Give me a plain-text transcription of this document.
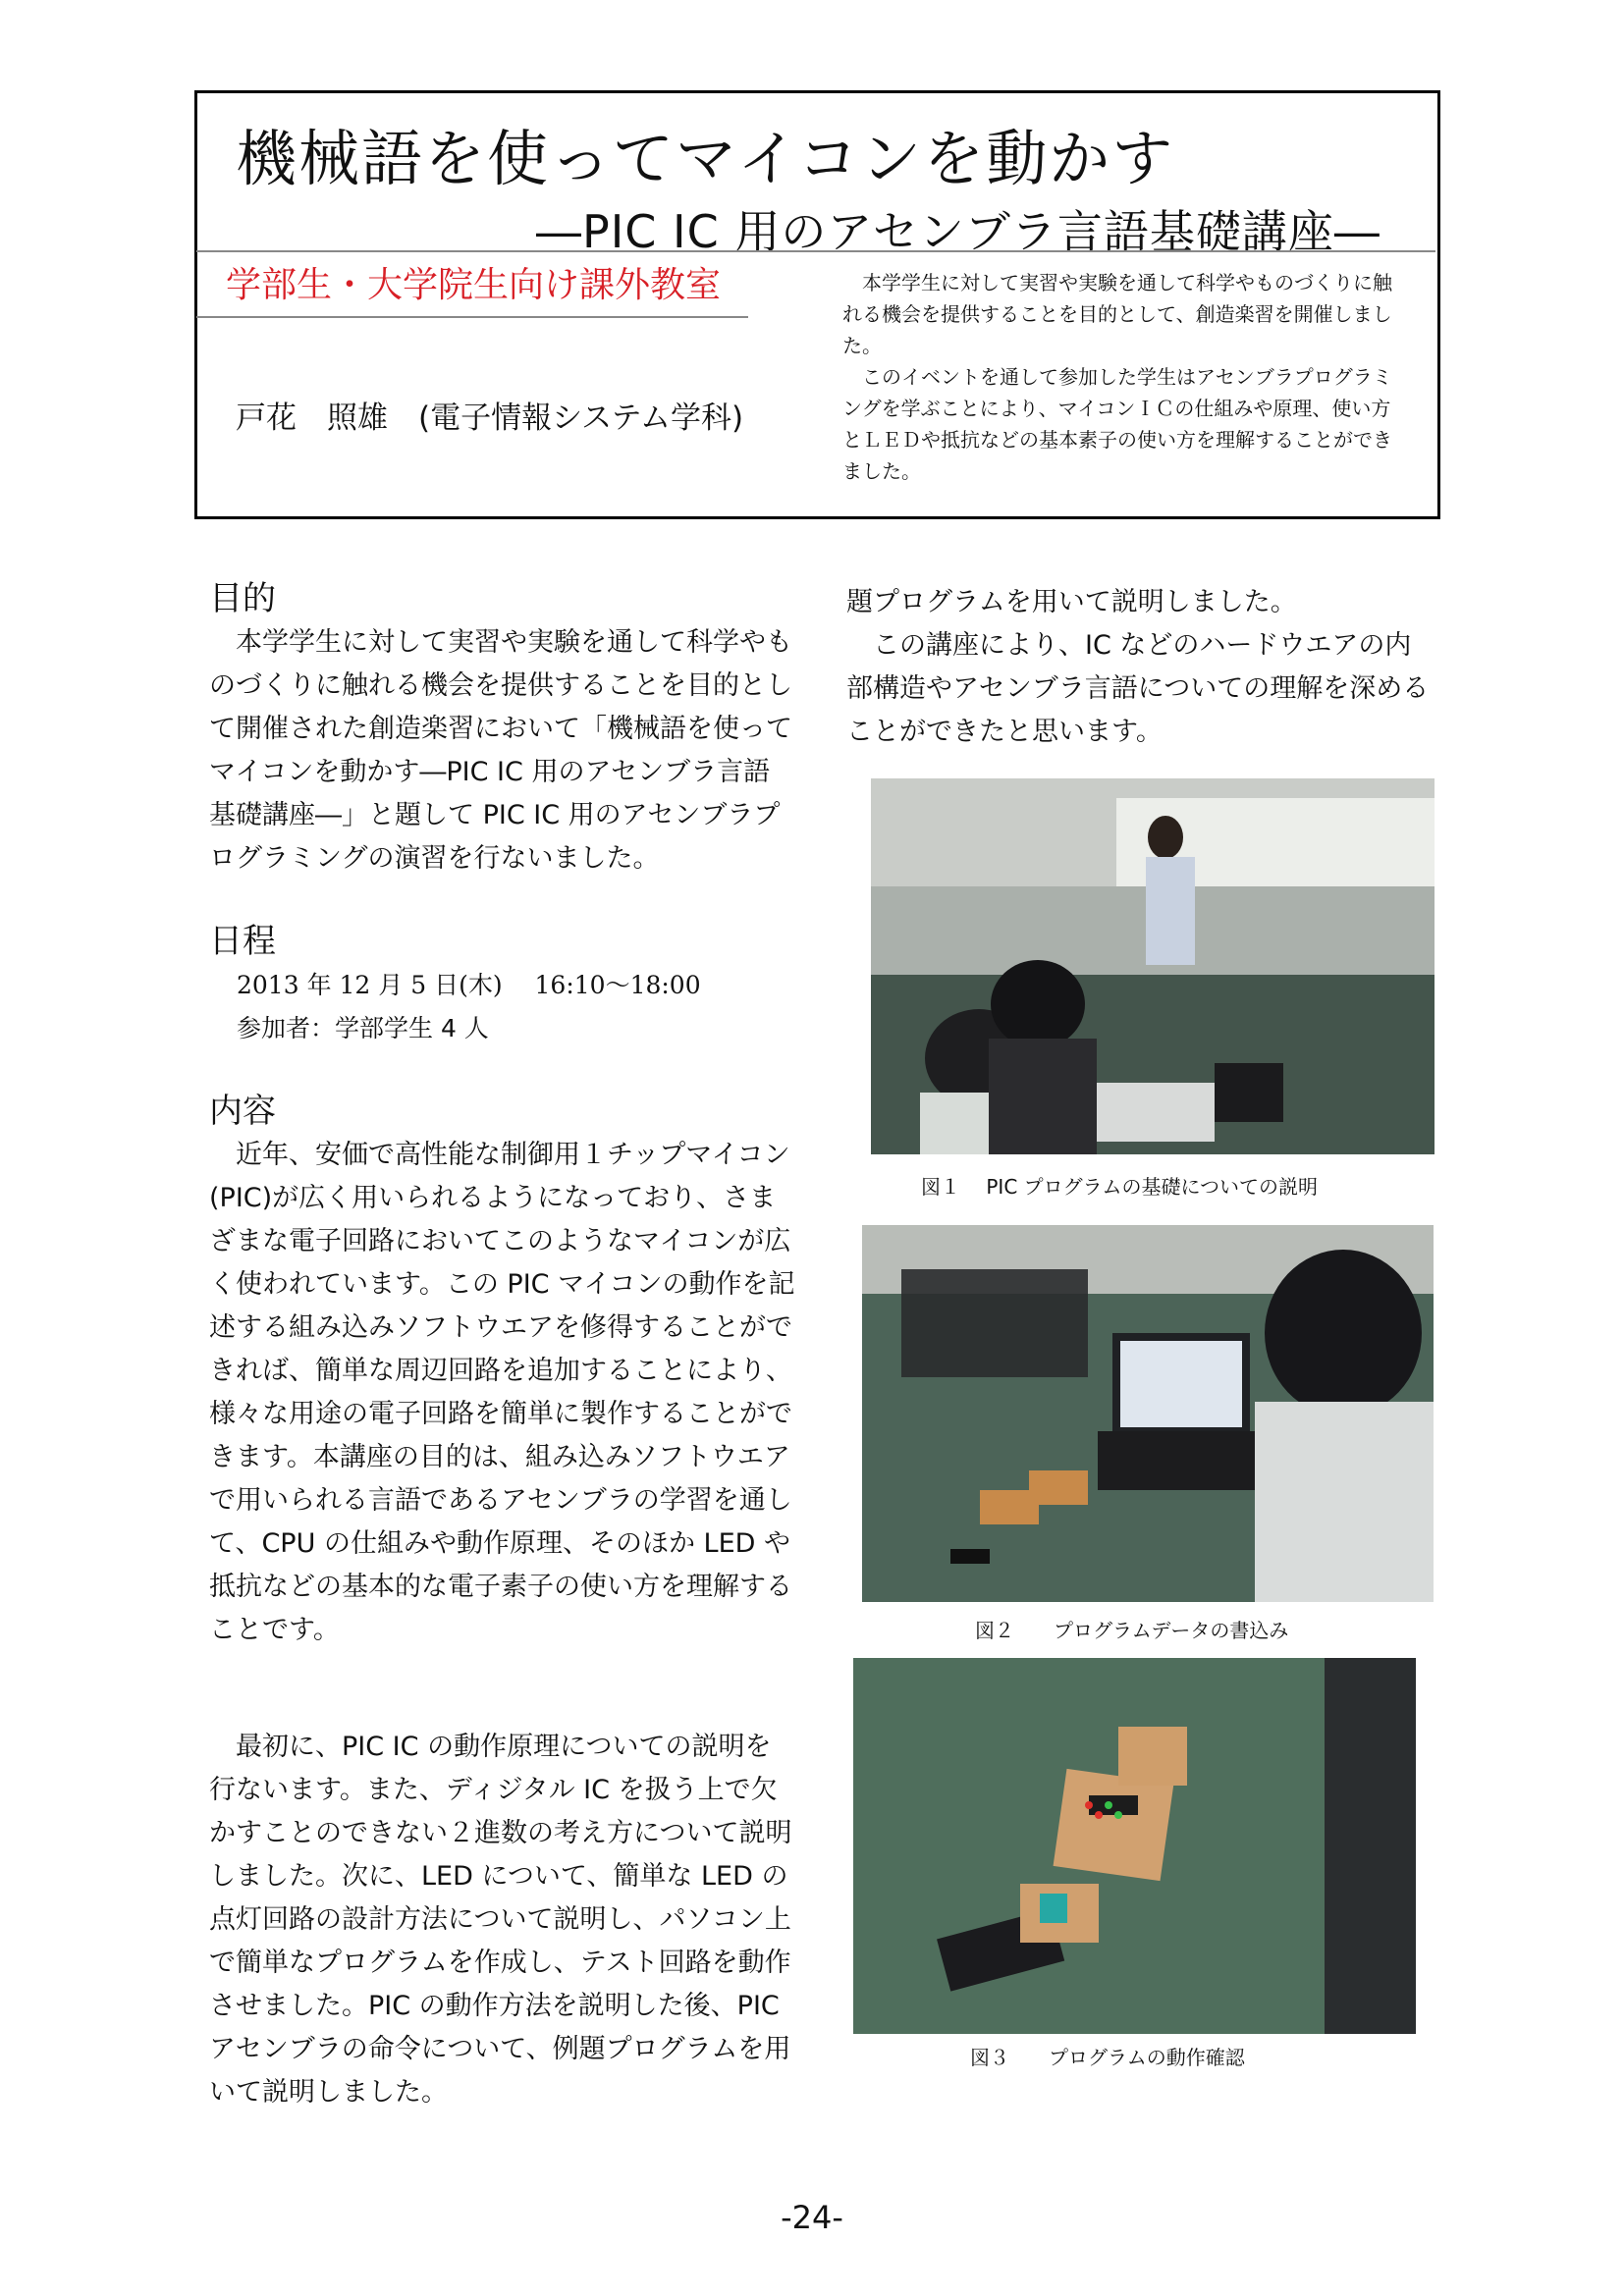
機械語を使ってマイコンを動かす
―PIC IC 用のアセンブラ言語基礎講座―
学部生・大学院生向け課外教室
戸花　照雄　(電子情報システム学科)

本学学生に対して実習や実験を通して科学やものづくりに触れる機会を提供することを目的として、創造楽習を開催しました。

このイベントを通して参加した学生はアセンブラプログラミングを学ぶことにより、マイコンＩＣの仕組みや原理、使い方とＬＥＤや抵抗などの基本素子の使い方を理解することができました。

目的

本学学生に対して実習や実験を通して科学やものづくりに触れる機会を提供することを目的として開催された創造楽習において「機械語を使ってマイコンを動かす―PIC IC 用のアセンブラ言語基礎講座―」と題して PIC IC 用のアセンブラプログラミングの演習を行ないました。

日程
2013 年 12 月 5 日(木)　 16:10～18:00
参加者：学部学生 4 人
内容

近年、安価で高性能な制御用１チップマイコン(PIC)が広く用いられるようになっており、さまざまな電子回路においてこのようなマイコンが広く使われています。この PIC マイコンの動作を記述する組み込みソフトウエアを修得することができれば、簡単な周辺回路を追加することにより、様々な用途の電子回路を簡単に製作することができます。本講座の目的は、組み込みソフトウエアで用いられる言語であるアセンブラの学習を通して、CPU の仕組みや動作原理、そのほか LED や抵抗などの基本的な電子素子の使い方を理解することです。

最初に、PIC IC の動作原理についての説明を行ないます。また、ディジタル IC を扱う上で欠かすことのできない２進数の考え方について説明しました。次に、LED について、簡単な LED の点灯回路の設計方法について説明し、パソコン上で簡単なプログラムを作成し、テスト回路を動作させました。PIC の動作方法を説明した後、PIC アセンブラの命令について、例題プログラムを用いて説明しました。

題プログラムを用いて説明しました。

この講座により、IC などのハードウエアの内部構造やアセンブラ言語についての理解を深めることができたと思います。

図１　 PIC プログラムの基礎についての説明
図２　　プログラムデータの書込み
図３　　プログラムの動作確認
-24-
